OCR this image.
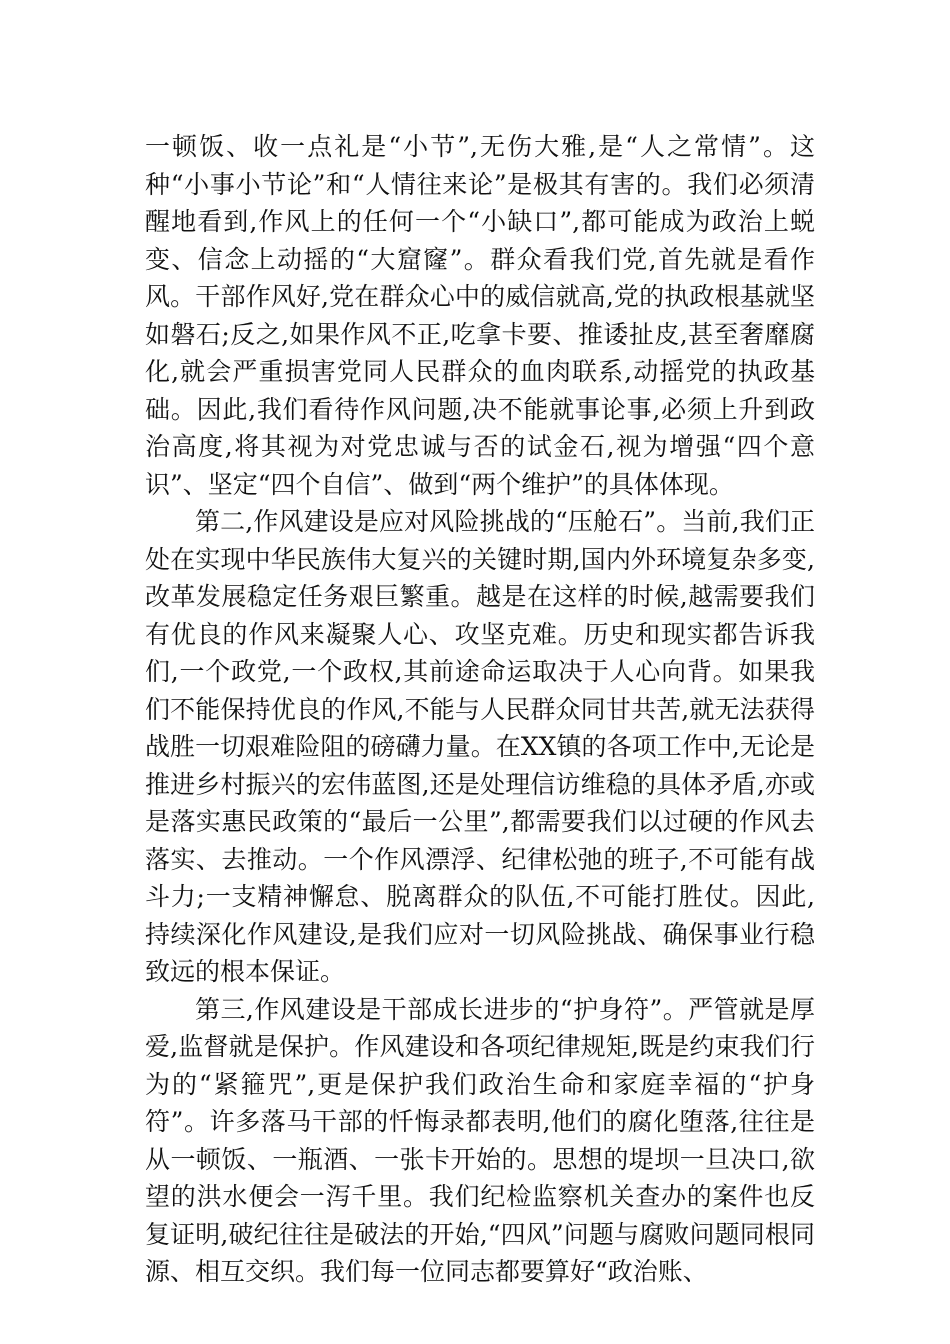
一顿饭、收一点礼是“小节”,无伤大雅,是“人之常情”。这种“小事小节论”和“人情往来论”是极其有害的。我们必须清醒地看到,作风上的任何一个“小缺口”,都可能成为政治上蜕变、信念上动摇的“大窟窿”。群众看我们党,首先就是看作风。干部作风好,党在群众心中的威信就高,党的执政根基就坚如磐石;反之,如果作风不正,吃拿卡要、推诿扯皮,甚至奢靡腐化,就会严重损害党同人民群众的血肉联系,动摇党的执政基础。因此,我们看待作风问题,决不能就事论事,必须上升到政治高度,将其视为对党忠诚与否的试金石,视为增强“四个意识”、坚定“四个自信”、做到“两个维护”的具体体现。

第二,作风建设是应对风险挑战的“压舱石”。当前,我们正处在实现中华民族伟大复兴的关键时期,国内外环境复杂多变,改革发展稳定任务艰巨繁重。越是在这样的时候,越需要我们有优良的作风来凝聚人心、攻坚克难。历史和现实都告诉我们,一个政党,一个政权,其前途命运取决于人心向背。如果我们不能保持优良的作风,不能与人民群众同甘共苦,就无法获得战胜一切艰难险阻的磅礴力量。在XX镇的各项工作中,无论是推进乡村振兴的宏伟蓝图,还是处理信访维稳的具体矛盾,亦或是落实惠民政策的“最后一公里”,都需要我们以过硬的作风去落实、去推动。一个作风漂浮、纪律松弛的班子,不可能有战斗力;一支精神懈怠、脱离群众的队伍,不可能打胜仗。因此,持续深化作风建设,是我们应对一切风险挑战、确保事业行稳致远的根本保证。

第三,作风建设是干部成长进步的“护身符”。严管就是厚爱,监督就是保护。作风建设和各项纪律规矩,既是约束我们行为的“紧箍咒”,更是保护我们政治生命和家庭幸福的“护身符”。许多落马干部的忏悔录都表明,他们的腐化堕落,往往是从一顿饭、一瓶酒、一张卡开始的。思想的堤坝一旦决口,欲望的洪水便会一泻千里。我们纪检监察机关查办的案件也反复证明,破纪往往是破法的开始,“四风”问题与腐败问题同根同源、相互交织。我们每一位同志都要算好“政治账、
